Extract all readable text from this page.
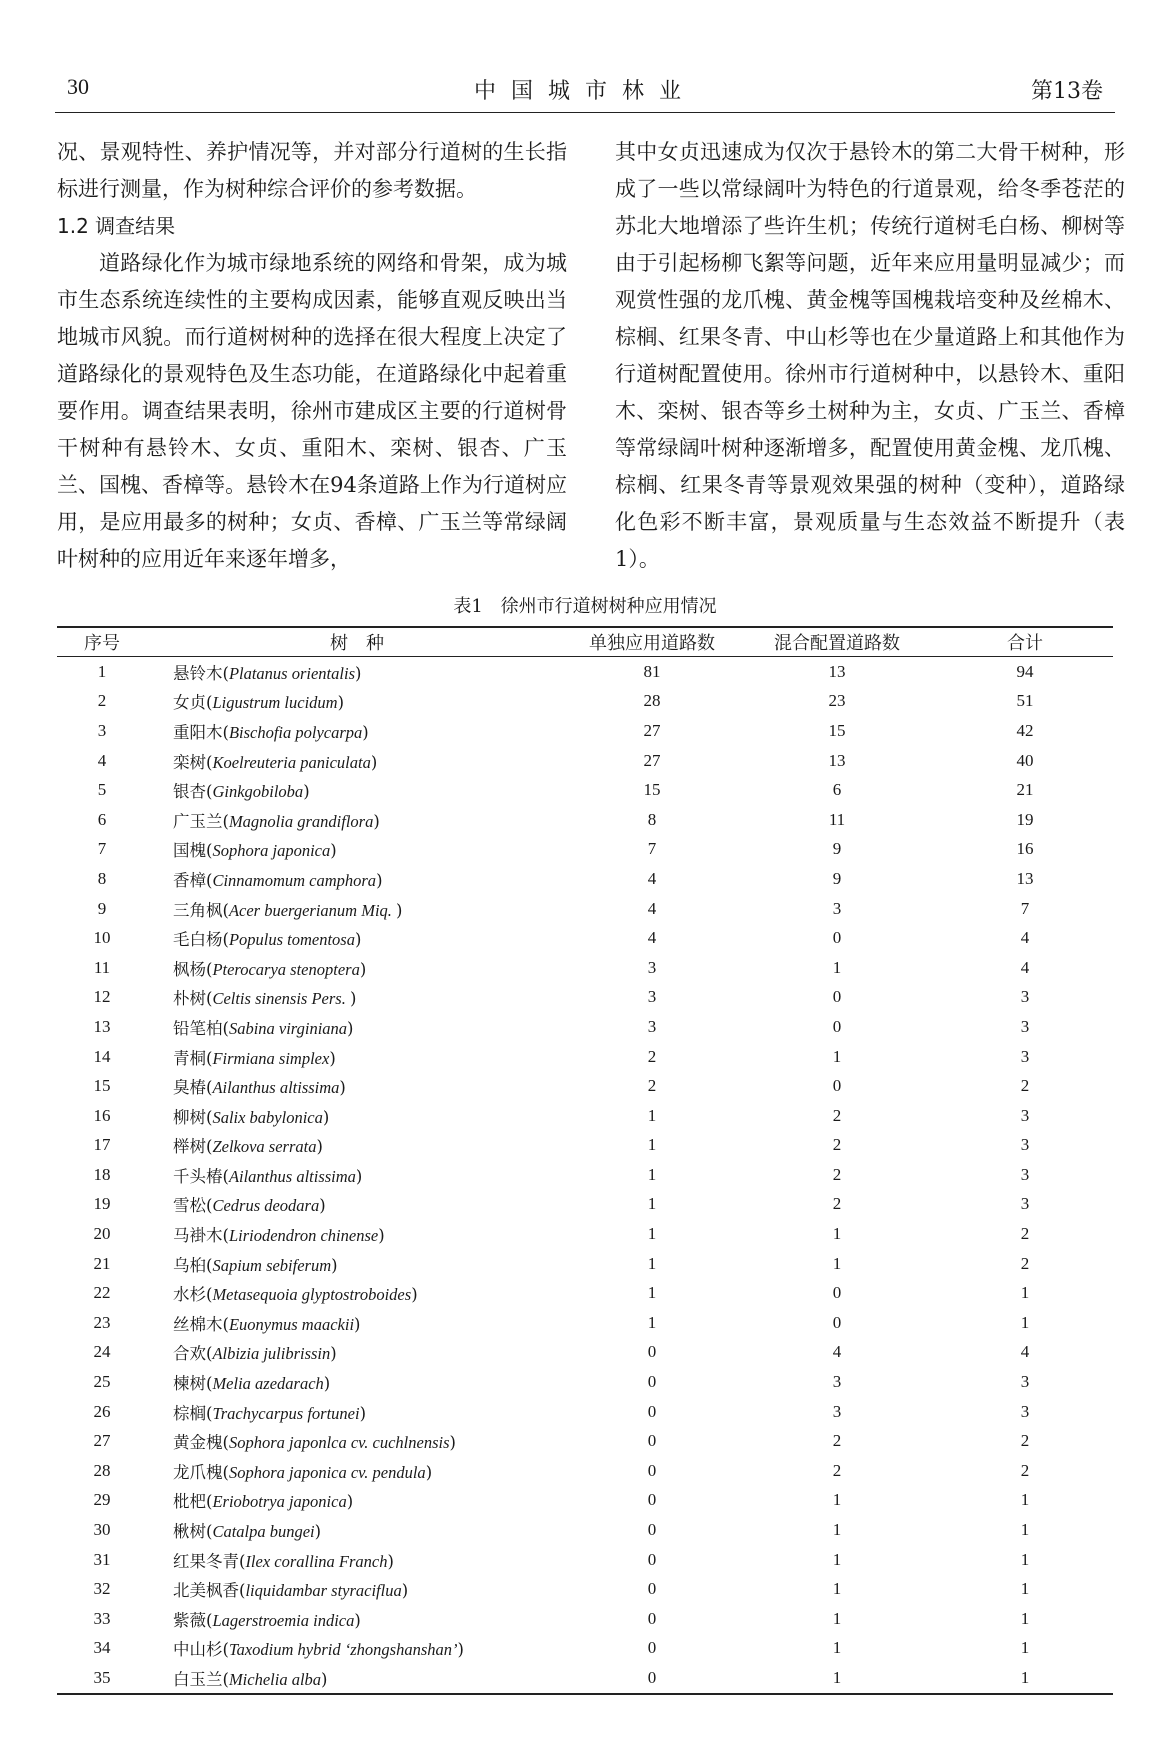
30	中国城市林业	第13卷

况、景观特性、养护情况等，并对部分行道树的生长指标进行测量，作为树种综合评价的参考数据。

1.2 调查结果

道路绿化作为城市绿地系统的网络和骨架，成为城市生态系统连续性的主要构成因素，能够直观反映出当地城市风貌。而行道树树种的选择在很大程度上决定了道路绿化的景观特色及生态功能，在道路绿化中起着重要作用。调查结果表明，徐州市建成区主要的行道树骨干树种有悬铃木、女贞、重阳木、栾树、银杏、广玉兰、国槐、香樟等。悬铃木在94条道路上作为行道树应用，是应用最多的树种；女贞、香樟、广玉兰等常绿阔叶树种的应用近年来逐年增多，

其中女贞迅速成为仅次于悬铃木的第二大骨干树种，形成了一些以常绿阔叶为特色的行道景观，给冬季苍茫的苏北大地增添了些许生机；传统行道树毛白杨、柳树等由于引起杨柳飞絮等问题，近年来应用量明显减少；而观赏性强的龙爪槐、黄金槐等国槐栽培变种及丝棉木、棕榈、红果冬青、中山杉等也在少量道路上和其他作为行道树配置使用。徐州市行道树种中，以悬铃木、重阳木、栾树、银杏等乡土树种为主，女贞、广玉兰、香樟等常绿阔叶树种逐渐增多，配置使用黄金槐、龙爪槐、棕榈、红果冬青等景观效果强的树种（变种），道路绿化色彩不断丰富，景观质量与生态效益不断提升（表1）。

表1 徐州市行道树树种应用情况
序号	树　种	单独应用道路数	混合配置道路数	合计
1	悬铃木(Platanus orientalis)	81	13	94
2	女贞(Ligustrum lucidum)	28	23	51
3	重阳木(Bischofia polycarpa)	27	15	42
4	栾树(Koelreuteria paniculata)	27	13	40
5	银杏(Ginkgobiloba)	15	6	21
6	广玉兰(Magnolia grandiflora)	8	11	19
7	国槐(Sophora japonica)	7	9	16
8	香樟(Cinnamomum camphora)	4	9	13
9	三角枫(Acer buergerianum Miq. )	4	3	7
10	毛白杨(Populus tomentosa)	4	0	4
11	枫杨(Pterocarya stenoptera)	3	1	4
12	朴树(Celtis sinensis Pers. )	3	0	3
13	铅笔柏(Sabina virginiana)	3	0	3
14	青桐(Firmiana simplex)	2	1	3
15	臭椿(Ailanthus altissima)	2	0	2
16	柳树(Salix babylonica)	1	2	3
17	榉树(Zelkova serrata)	1	2	3
18	千头椿(Ailanthus altissima)	1	2	3
19	雪松(Cedrus deodara)	1	2	3
20	马褂木(Liriodendron chinense)	1	1	2
21	乌桕(Sapium sebiferum)	1	1	2
22	水杉(Metasequoia glyptostroboides)	1	0	1
23	丝棉木(Euonymus maackii)	1	0	1
24	合欢(Albizia julibrissin)	0	4	4
25	楝树(Melia azedarach)	0	3	3
26	棕榈(Trachycarpus fortunei)	0	3	3
27	黄金槐(Sophora japonlca cv. cuchlnensis)	0	2	2
28	龙爪槐(Sophora japonica cv. pendula)	0	2	2
29	枇杷(Eriobotrya japonica)	0	1	1
30	楸树(Catalpa bungei)	0	1	1
31	红果冬青(Ilex corallina Franch)	0	1	1
32	北美枫香(liquidambar styraciflua)	0	1	1
33	紫薇(Lagerstroemia indica)	0	1	1
34	中山杉(Taxodium hybrid ‘zhongshanshan’)	0	1	1
35	白玉兰(Michelia alba)	0	1	1
